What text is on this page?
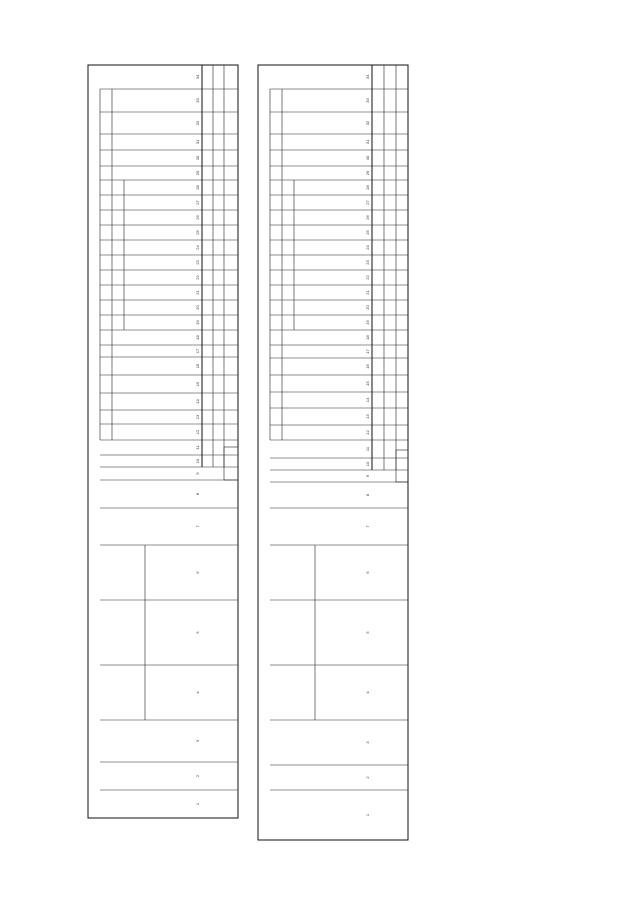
1
2
3
4
5
6
7
8
9
10
11
12
13
14
15
16
17
18
19
20
21
22
23
24
25
26
27
28
29
30
31
32
33
34
1
2
3
4
5
6
7
8
9
10
11
12
13
14
15
16
17
18
19
20
21
22
23
24
25
26
27
28
29
30
31
32
33
34
